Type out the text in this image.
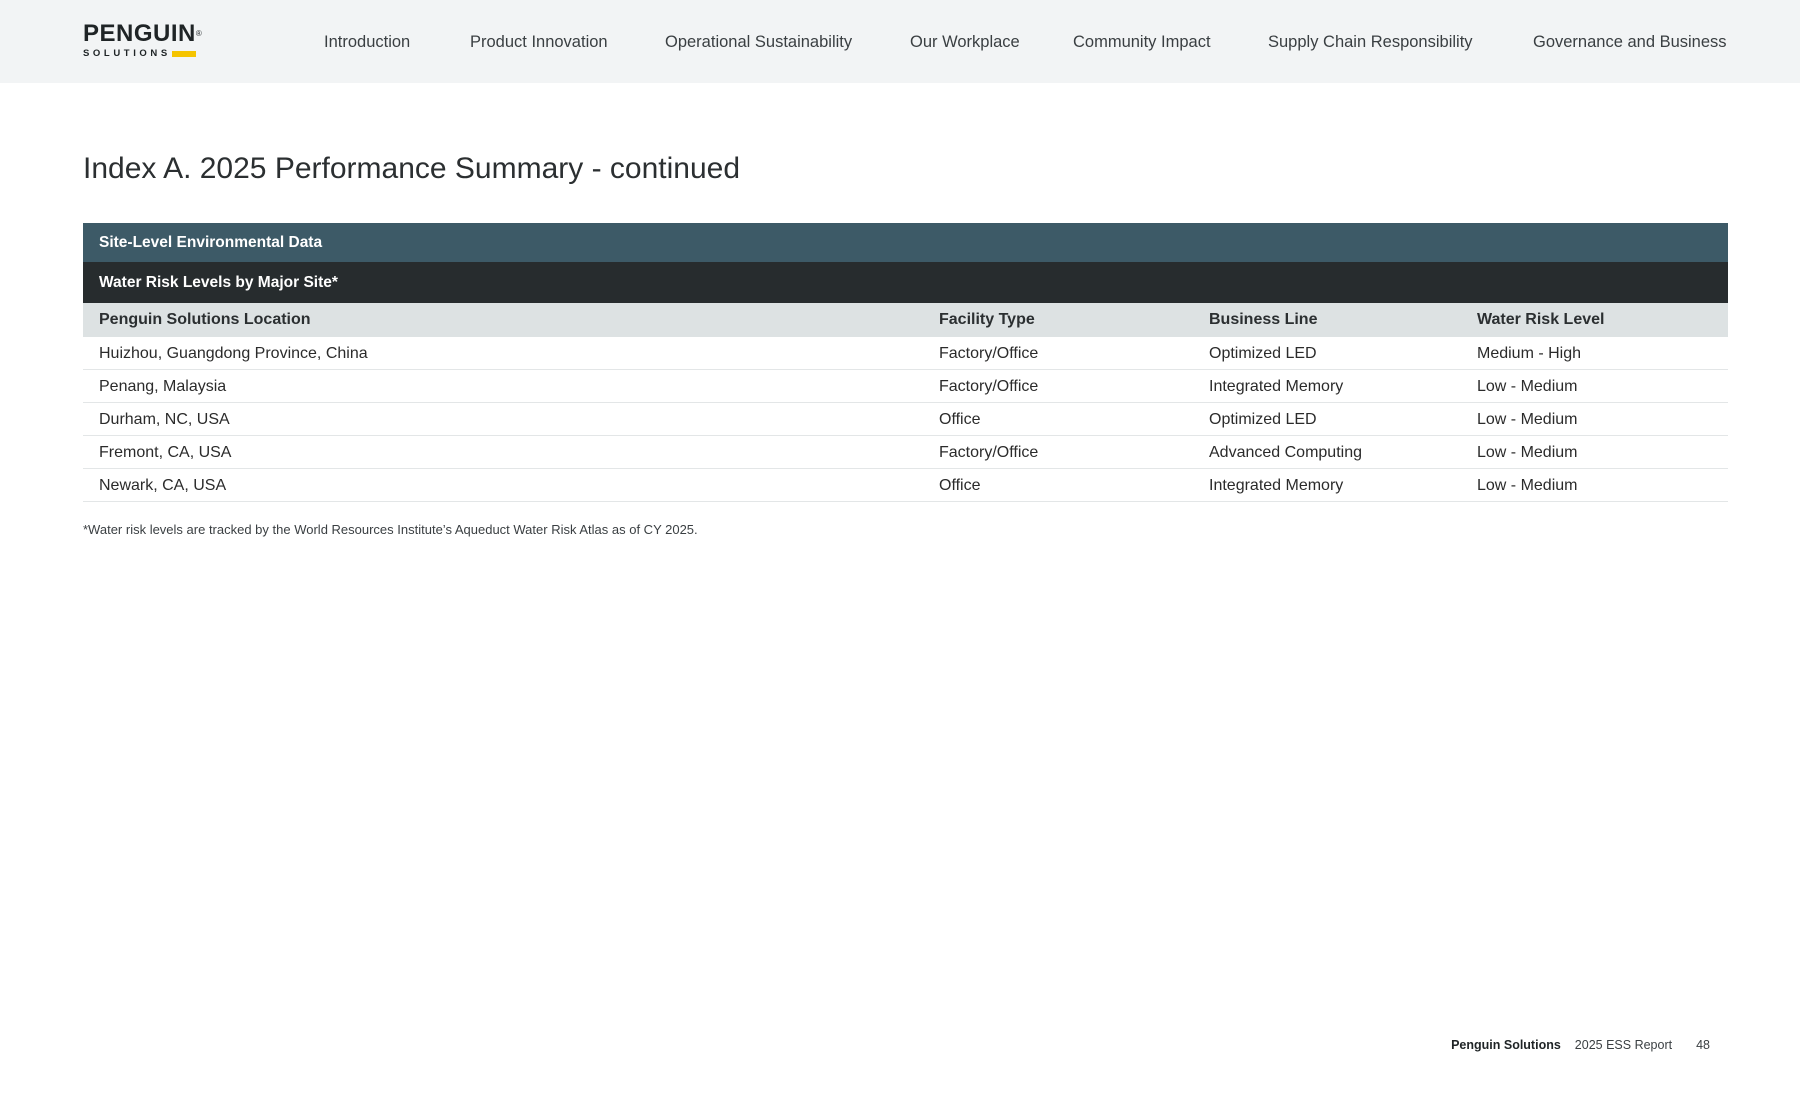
PENGUIN®
SOLUTIONS
Introduction	Product Innovation	Operational Sustainability	Our Workplace	Community Impact	Supply Chain Responsibility	Governance and Business
Index A. 2025 Performance Summary - continued
Site-Level Environmental Data
Water Risk Levels by Major Site*
Penguin Solutions Location	Facility Type	Business Line	Water Risk Level
Huizhou, Guangdong Province, China	Factory/Office	Optimized LED	Medium - High
Penang, Malaysia	Factory/Office	Integrated Memory	Low - Medium
Durham, NC, USA	Office	Optimized LED	Low - Medium
Fremont, CA, USA	Factory/Office	Advanced Computing	Low - Medium
Newark, CA, USA	Office	Integrated Memory	Low - Medium

*Water risk levels are tracked by the World Resources Institute’s Aqueduct Water Risk Atlas as of CY 2025.

Penguin Solutions 2025 ESS Report 48
